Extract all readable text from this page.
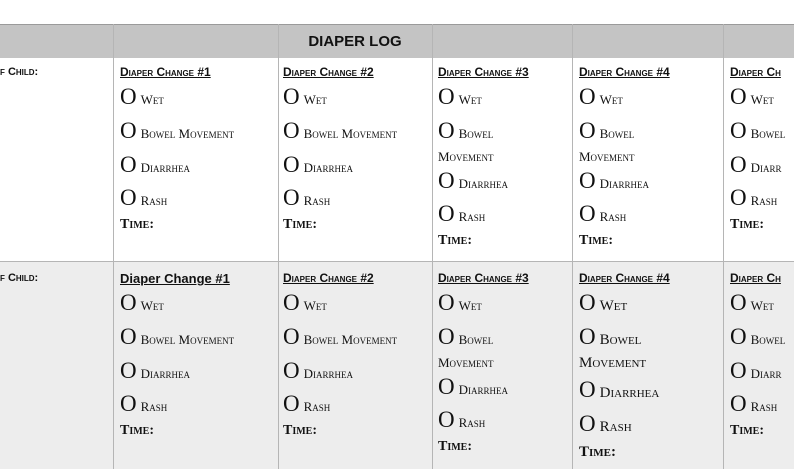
DIAPER LOG
f Child:	Diaper Change #1
O Wet
O Bowel Movement
O Diarrhea
O Rash
Time:
Diaper Change #2
O Wet
O Bowel Movement
O Diarrhea
O Rash
Time:
Diaper Change #3
O Wet
O Bowel
Movement
O Diarrhea
O Rash
Time:
Diaper Change #4
O Wet
O Bowel
Movement
O Diarrhea
O Rash
Time:
Diaper Ch
O Wet
O Bowel
O Diarr
O Rash
Time:
f Child:	Diaper Change #1
O Wet
O Bowel Movement
O Diarrhea
O Rash
Time:
Diaper Change #2
O Wet
O Bowel Movement
O Diarrhea
O Rash
Time:
Diaper Change #3
O Wet
O Bowel
Movement
O Diarrhea
O Rash
Time:
Diaper Change #4
O Wet
O Bowel
Movement
O Diarrhea
O Rash
Time:
Diaper Ch
O Wet
O Bowel
O Diarr
O Rash
Time:
